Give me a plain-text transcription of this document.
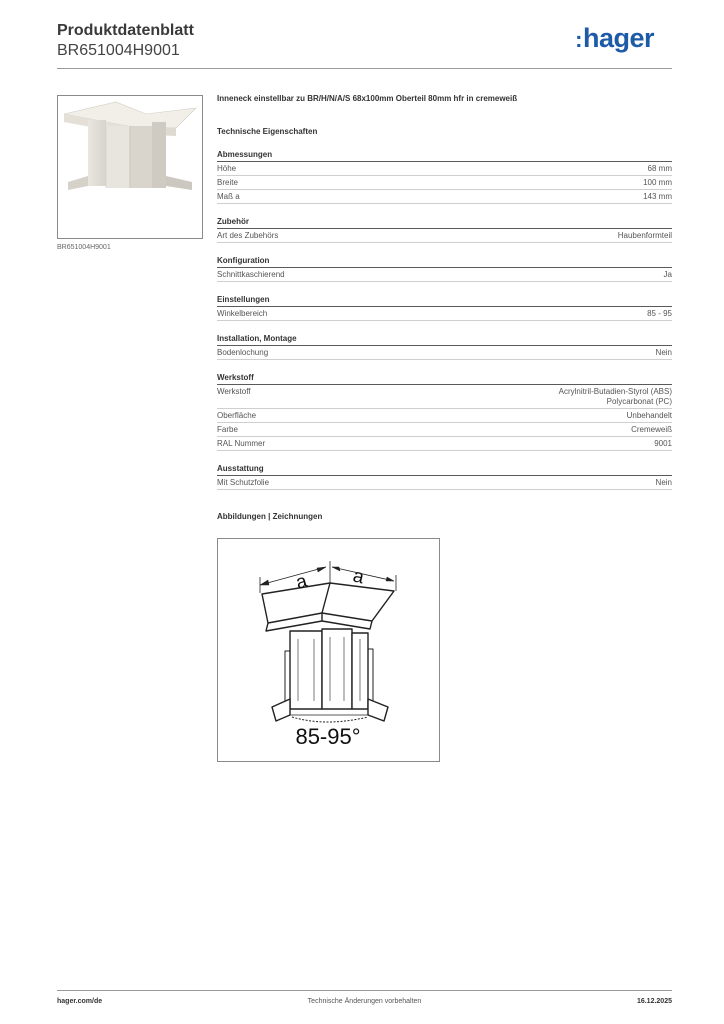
Produktdatenblatt
BR651004H9001	:hager
BR651004H9001
Inneneck einstellbar zu BR/H/N/A/S 68x100mm Oberteil 80mm hfr in cremeweiß
Technische Eigenschaften
Abmessungen
Höhe	68 mm
Breite	100 mm
Maß a	143 mm
Zubehör
Art des Zubehörs	Haubenformteil
Konfiguration
Schnittkaschierend	Ja
Einstellungen
Winkelbereich	85 - 95
Installation, Montage
Bodenlochung	Nein
Werkstoff
Werkstoff	Acrylnitril-Butadien-Styrol (ABS)
Polycarbonat (PC)
Oberfläche	Unbehandelt
Farbe	Cremeweiß
RAL Nummer	9001
Ausstattung
Mit Schutzfolie	Nein
Abbildungen | Zeichnungen
a a
85-95°
hager.com/de	Technische Änderungen vorbehalten	16.12.2025
